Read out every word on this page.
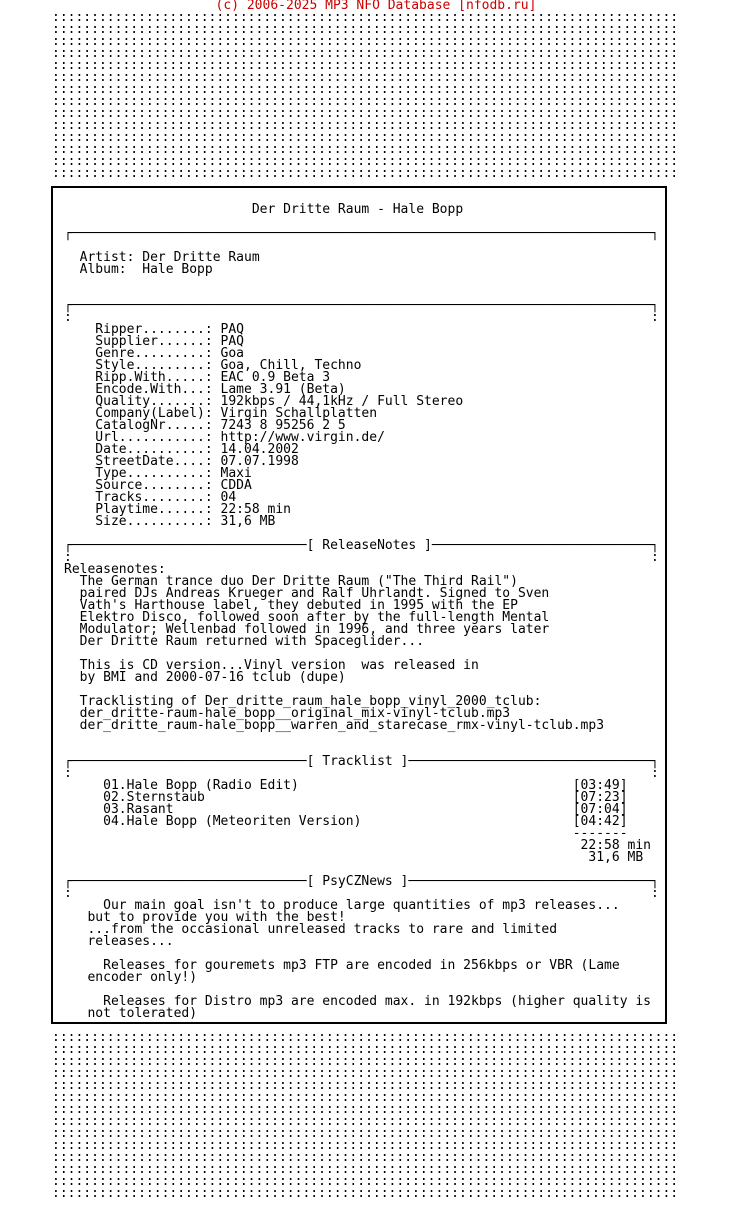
(c) 2006-2025 MP3 NFO Database [nfodb.ru]
::::::::::::::::::::::::::::::::::::::::::::::::::::::::::::::::::::::::::::::::
::::::::::::::::::::::::::::::::::::::::::::::::::::::::::::::::::::::::::::::::
::::::::::::::::::::::::::::::::::::::::::::::::::::::::::::::::::::::::::::::::
::::::::::::::::::::::::::::::::::::::::::::::::::::::::::::::::::::::::::::::::
::::::::::::::::::::::::::::::::::::::::::::::::::::::::::::::::::::::::::::::::
::::::::::::::::::::::::::::::::::::::::::::::::::::::::::::::::::::::::::::::::
::::::::::::::::::::::::::::::::::::::::::::::::::::::::::::::::::::::::::::::::
::::::::::::::::::::::::::::::::::::::::::::::::::::::::::::::::::::::::::::::::
::::::::::::::::::::::::::::::::::::::::::::::::::::::::::::::::::::::::::::::::
::::::::::::::::::::::::::::::::::::::::::::::::::::::::::::::::::::::::::::::::
::::::::::::::::::::::::::::::::::::::::::::::::::::::::::::::::::::::::::::::::
::::::::::::::::::::::::::::::::::::::::::::::::::::::::::::::::::::::::::::::::
::::::::::::::::::::::::::::::::::::::::::::::::::::::::::::::::::::::::::::::::
::::::::::::::::::::::::::::::::::::::::::::::::::::::::::::::::::::::::::::::::
Der Dritte Raum - Hale Bopp

┌──────────────────────────────────────────────────────────────────────────┐

Artist: Der Dritte Raum
Album:  Hale Bopp

┌──────────────────────────────────────────────────────────────────────────┐
:                                                                          :
Ripper........: PAQ
Supplier......: PAQ
Genre.........: Goa
Style.........: Goa, Chill, Techno
Ripp.With.....: EAC 0.9 Beta 3
Encode.With...: Lame 3.91 (Beta)
Quality.......: 192kbps / 44,1kHz / Full Stereo
Company(Label): Virgin Schallplatten
CatalogNr.....: 7243 8 95256 2 5
Url...........: http://www.virgin.de/
Date..........: 14.04.2002
StreetDate....: 07.07.1998
Type..........: Maxi
Source........: CDDA
Tracks........: 04
Playtime......: 22:58 min
Size..........: 31,6 MB

┌──────────────────────────────[ ReleaseNotes ]────────────────────────────┐
:                                                                          :
Releasenotes:
The German trance duo Der Dritte Raum ("The Third Rail")
paired DJs Andreas Krueger and Ralf Uhrlandt. Signed to Sven
Vath's Harthouse label, they debuted in 1995 with the EP
Elektro Disco, followed soon after by the full-length Mental
Modulator; Wellenbad followed in 1996, and three years later
Der Dritte Raum returned with Spaceglider...

This is CD version...Vinyl version  was released in
by BMI and 2000-07-16 tclub (dupe)

Tracklisting of Der_dritte_raum_hale_bopp_vinyl_2000_tclub:
der_dritte-raum-hale_bopp__original_mix-vinyl-tclub.mp3
der_dritte_raum-hale_bopp__warren_and_starecase_rmx-vinyl-tclub.mp3

┌──────────────────────────────[ Tracklist ]───────────────────────────────┐
:                                                                          :
01.Hale Bopp (Radio Edit)                                   [03:49]
02.Sternstaub                                               [07:23]
03.Rasant                                                   [07:04]
04.Hale Bopp (Meteoriten Version)                           [04:42]
-------
22:58 min
31,6 MB

┌──────────────────────────────[ PsyCZNews ]───────────────────────────────┐
:                                                                          :
Our main goal isn't to produce large quantities of mp3 releases...
but to provide you with the best!
...from the occasional unreleased tracks to rare and limited
releases...

Releases for gouremets mp3 FTP are encoded in 256kbps or VBR (Lame
encoder only!)

Releases for Distro mp3 are encoded max. in 192kbps (higher quality is
not tolerated)
::::::::::::::::::::::::::::::::::::::::::::::::::::::::::::::::::::::::::::::::
::::::::::::::::::::::::::::::::::::::::::::::::::::::::::::::::::::::::::::::::
::::::::::::::::::::::::::::::::::::::::::::::::::::::::::::::::::::::::::::::::
::::::::::::::::::::::::::::::::::::::::::::::::::::::::::::::::::::::::::::::::
::::::::::::::::::::::::::::::::::::::::::::::::::::::::::::::::::::::::::::::::
::::::::::::::::::::::::::::::::::::::::::::::::::::::::::::::::::::::::::::::::
::::::::::::::::::::::::::::::::::::::::::::::::::::::::::::::::::::::::::::::::
::::::::::::::::::::::::::::::::::::::::::::::::::::::::::::::::::::::::::::::::
::::::::::::::::::::::::::::::::::::::::::::::::::::::::::::::::::::::::::::::::
::::::::::::::::::::::::::::::::::::::::::::::::::::::::::::::::::::::::::::::::
::::::::::::::::::::::::::::::::::::::::::::::::::::::::::::::::::::::::::::::::
::::::::::::::::::::::::::::::::::::::::::::::::::::::::::::::::::::::::::::::::
::::::::::::::::::::::::::::::::::::::::::::::::::::::::::::::::::::::::::::::::
::::::::::::::::::::::::::::::::::::::::::::::::::::::::::::::::::::::::::::::::
